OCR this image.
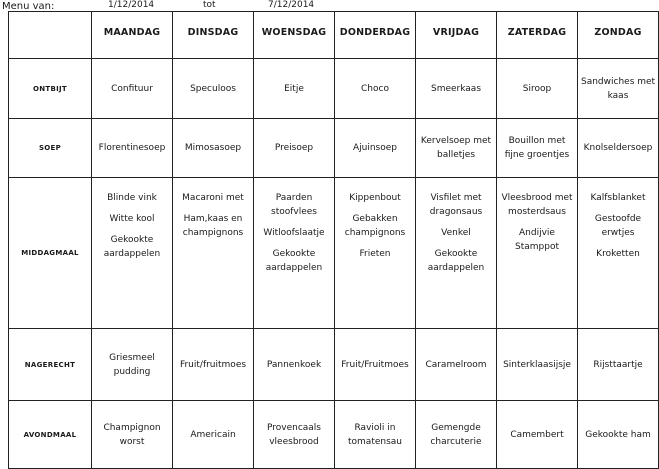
Menu van:	1/12/2014	tot	7/12/2014
	MAANDAG	DINSDAG	WOENSDAG	DONDERDAG	VRIJDAG	ZATERDAG	ZONDAG
ONTBIJT	Confituur	Speculoos	Eitje	Choco	Smeerkaas	Siroop	Sandwiches met
kaas

SOEP	Florentinesoep	Mimosasoep	Preisoep	Ajuinsoep	Kervelsoep met
balletjes	Bouillon met
fijne groentjes	Knolseldersoep

MIDDAGMAAL	Blinde vink
Witte kool
Gekookte
aardappelen	Macaroni met
Ham,kaas en
champignons	Paarden
stoofvlees
Witloofslaatje
Gekookte
aardappelen	Kippenbout
Gebakken
champignons
Frieten	Visfilet met
dragonsaus
Venkel
Gekookte
aardappelen	Vleesbrood met
mosterdsaus
Andijvie
Stamppot	Kalfsblanket
Gestoofde
erwtjes
Kroketten

NAGERECHT	Griesmeel
pudding	Fruit/fruitmoes	Pannenkoek	Fruit/Fruitmoes	Caramelroom	Sinterklaasijsje	Rijsttaartje

AVONDMAAL	Champignon
worst	Americain	Provencaals
vleesbrood	Ravioli in
tomatensau	Gemengde
charcuterie	Camembert	Gekookte ham
